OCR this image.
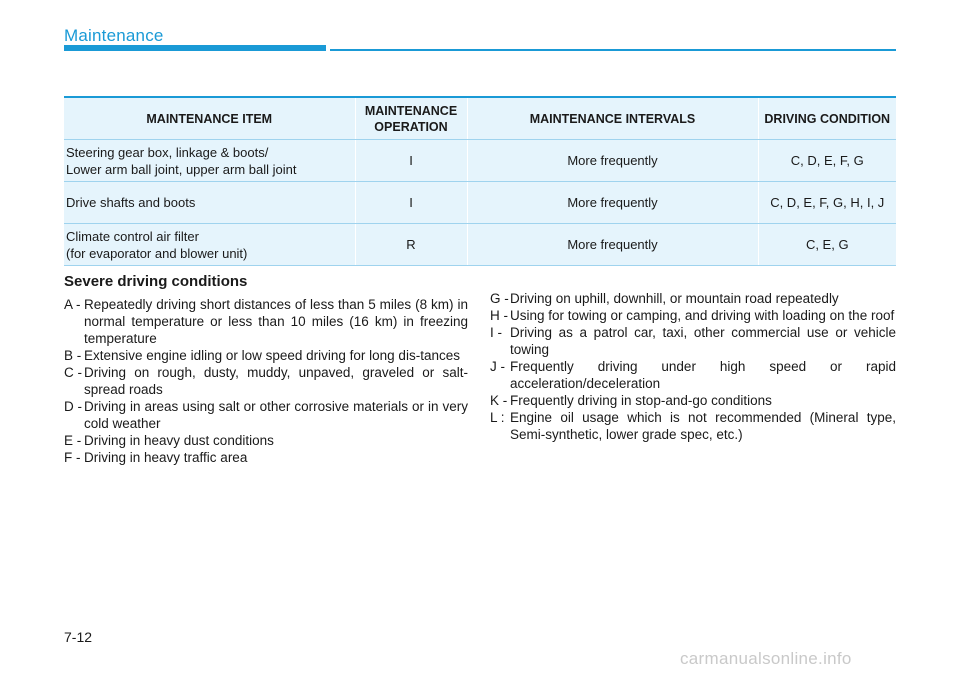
Maintenance
MAINTENANCE ITEM	MAINTENANCE OPERATION	MAINTENANCE INTERVALS	DRIVING CONDITION

Steering gear box, linkage & boots/
Lower arm ball joint, upper arm ball joint	I	More frequently	C, D, E, F, G

Drive shafts and boots	I	More frequently	C, D, E, F, G, H, I, J

Climate control air filter
(for evaporator and blower unit)	R	More frequently	C, E, G
Severe driving conditions
A - Repeatedly driving short distances of less than 5 miles (8 km) in normal temperature or less than 10 miles (16 km) in freezing temperature
B - Extensive engine idling or low speed driving for long dis-tances
C - Driving on rough, dusty, muddy, unpaved, graveled or salt-spread roads
D - Driving in areas using salt or other corrosive materials or in very cold weather
E - Driving in heavy dust conditions
F - Driving in heavy traffic area
G - Driving on uphill, downhill, or mountain road repeatedly
H - Using for towing or camping, and driving with loading on the roof
I - Driving as a patrol car, taxi, other commercial use or vehicle towing
J - Frequently driving under high speed or rapid acceleration/deceleration
K - Frequently driving in stop-and-go conditions
L : Engine oil usage which is not recommended (Mineral type, Semi-synthetic, lower grade spec, etc.)
7-12
carmanualsonline.info
